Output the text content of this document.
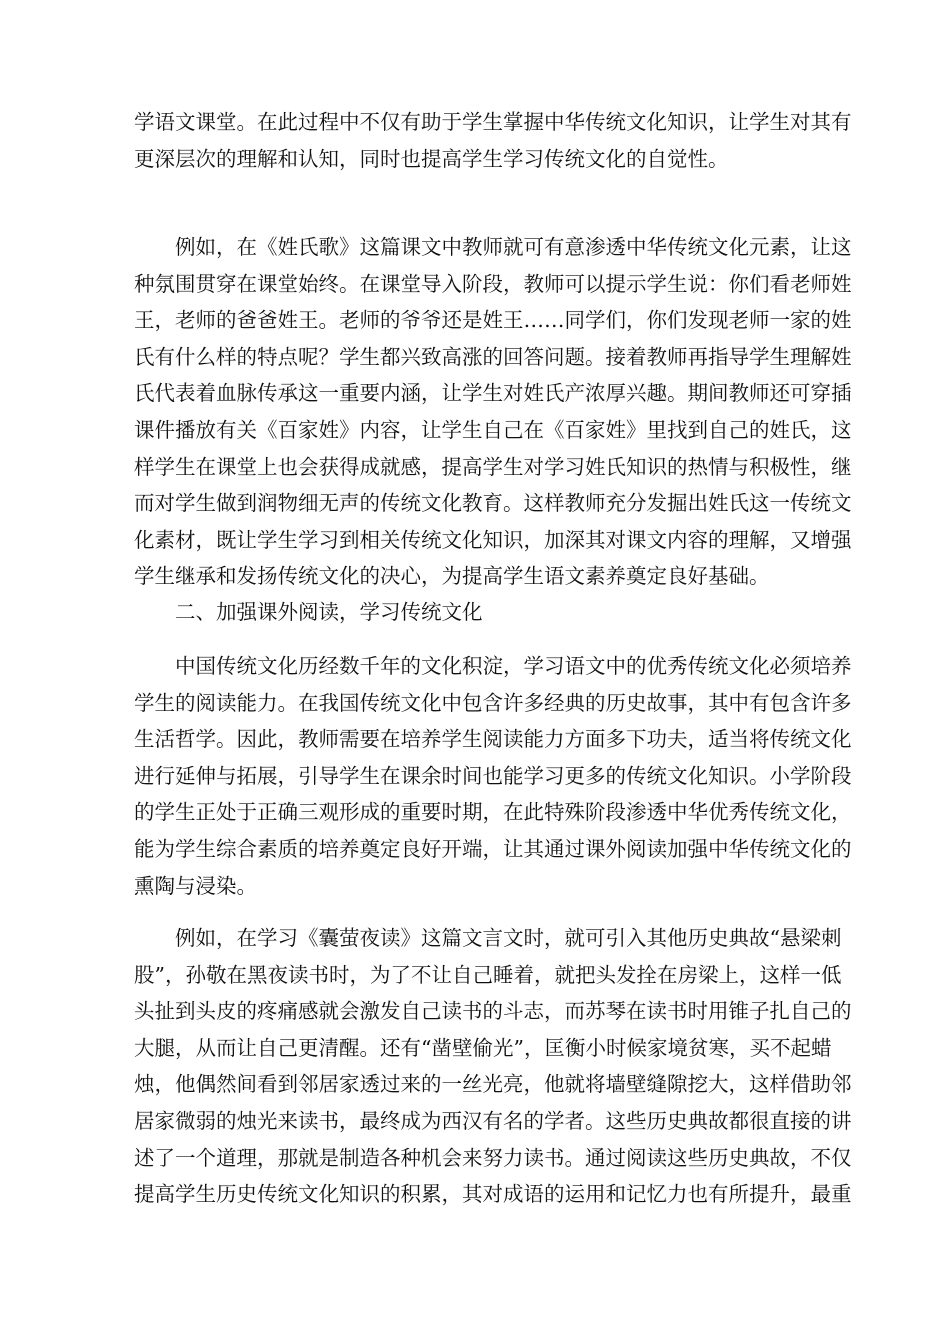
学语文课堂。在此过程中不仅有助于学生掌握中华传统文化知识，让学生对其有
更深层次的理解和认知，同时也提高学生学习传统文化的自觉性。
例如，在《姓氏歌》这篇课文中教师就可有意渗透中华传统文化元素，让这
种氛围贯穿在课堂始终。在课堂导入阶段，教师可以提示学生说：你们看老师姓
王，老师的爸爸姓王。老师的爷爷还是姓王……同学们，你们发现老师一家的姓
氏有什么样的特点呢？学生都兴致高涨的回答问题。接着教师再指导学生理解姓
氏代表着血脉传承这一重要内涵，让学生对姓氏产浓厚兴趣。期间教师还可穿插
课件播放有关《百家姓》内容，让学生自己在《百家姓》里找到自己的姓氏，这
样学生在课堂上也会获得成就感，提高学生对学习姓氏知识的热情与积极性，继
而对学生做到润物细无声的传统文化教育。这样教师充分发掘出姓氏这一传统文
化素材，既让学生学习到相关传统文化知识，加深其对课文内容的理解，又增强
学生继承和发扬传统文化的决心，为提高学生语文素养奠定良好基础。
二、加强课外阅读，学习传统文化
中国传统文化历经数千年的文化积淀，学习语文中的优秀传统文化必须培养
学生的阅读能力。在我国传统文化中包含许多经典的历史故事，其中有包含许多
生活哲学。因此，教师需要在培养学生阅读能力方面多下功夫，适当将传统文化
进行延伸与拓展，引导学生在课余时间也能学习更多的传统文化知识。小学阶段
的学生正处于正确三观形成的重要时期，在此特殊阶段渗透中华优秀传统文化，
能为学生综合素质的培养奠定良好开端，让其通过课外阅读加强中华传统文化的
熏陶与浸染。
例如，在学习《囊萤夜读》这篇文言文时，就可引入其他历史典故“悬梁刺
股”，孙敬在黑夜读书时，为了不让自己睡着，就把头发拴在房梁上，这样一低
头扯到头皮的疼痛感就会激发自己读书的斗志，而苏琴在读书时用锥子扎自己的
大腿，从而让自己更清醒。还有“凿壁偷光”，匡衡小时候家境贫寒，买不起蜡
烛，他偶然间看到邻居家透过来的一丝光亮，他就将墙壁缝隙挖大，这样借助邻
居家微弱的烛光来读书，最终成为西汉有名的学者。这些历史典故都很直接的讲
述了一个道理，那就是制造各种机会来努力读书。通过阅读这些历史典故，不仅
提高学生历史传统文化知识的积累，其对成语的运用和记忆力也有所提升，最重
